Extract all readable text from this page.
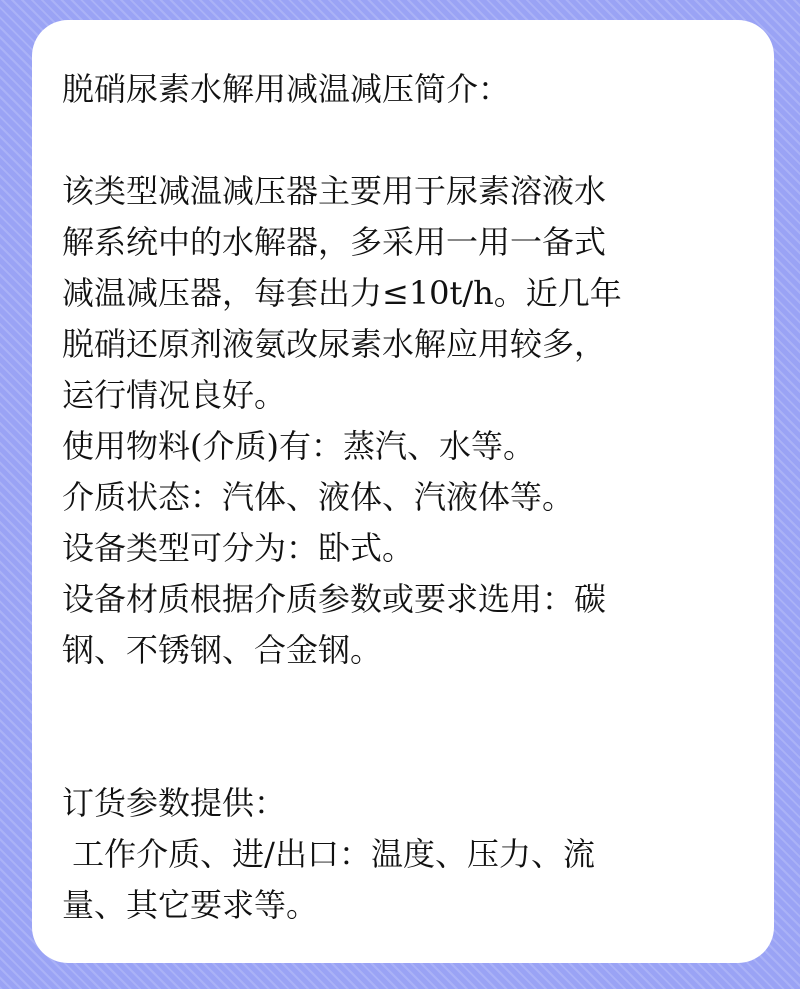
脱硝尿素水解用减温减压简介：
该类型减温减压器主要用于尿素溶液水
解系统中的水解器，多采用一用一备式
减温减压器，每套出力≤10t/h。近几年
脱硝还原剂液氨改尿素水解应用较多，
运行情况良好。
使用物料(介质)有：蒸汽、水等。
介质状态：汽体、液体、汽液体等。
设备类型可分为：卧式。
设备材质根据介质参数或要求选用：碳
钢、不锈钢、合金钢。
订货参数提供：
工作介质、进/出口：温度、压力、流
量、其它要求等。
